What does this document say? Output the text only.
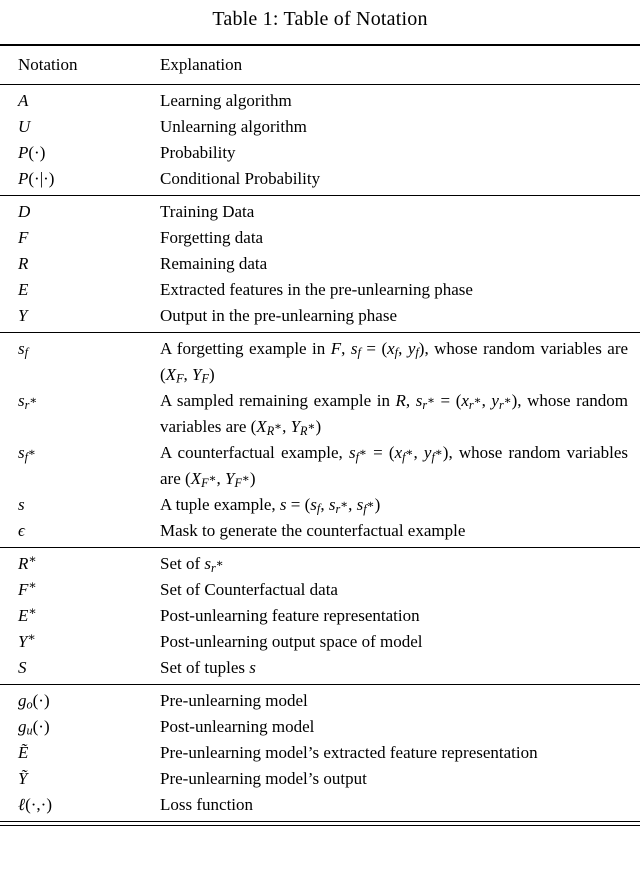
Table 1: Table of Notation
Notation	Explanation
A	Learning algorithm
U	Unlearning algorithm
P(·)	Probability
P(·|·)	Conditional Probability
D	Training Data
F	Forgetting data
R	Remaining data
E	Extracted features in the pre-unlearning phase
Y	Output in the pre-unlearning phase
$s_f$	A forgetting example in F, $s_f = (x_f$, $y_f$), whose random variables are ($X_F$, $Y_F$)
$s_{r^∗}$	A sampled remaining example in R, $s_{r^∗} = (x_{r^∗}$, $y_{r^∗}$), whose random variables are ($X_{R^∗}$, $Y_{R^∗}$)
$s_{f^∗}$	A counterfactual example, $s_{f^∗} = (x_{f^∗}$, $y_{f^∗}$), whose random variables are ($X_{F^∗}$, $Y_{F^∗}$)
s	A tuple example, $s = (s_f$, $s_{r^∗}$, $s_{f^∗}$)
ϵ	Mask to generate the counterfactual example
R∗	Set of $s_{r^∗}$
F∗	Set of Counterfactual data
E∗	Post-unlearning feature representation
Y∗	Post-unlearning output space of model
S	Set of tuples s
$g_o(\cdot)$	Pre-unlearning model
$g_u(\cdot)$	Post-unlearning model
Ẽ	Pre-unlearning model’s extracted feature representation
Ỹ	Pre-unlearning model’s output
ℓ(·,·)	Loss function
